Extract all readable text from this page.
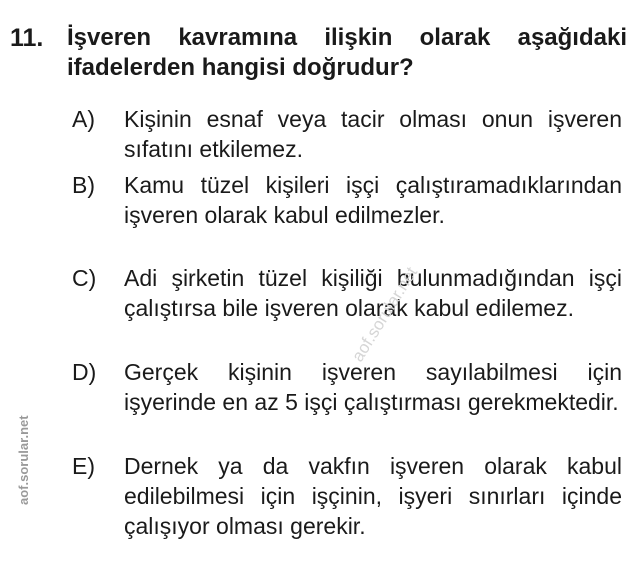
11. İşveren kavramına ilişkin olarak aşağıdaki ifadelerden hangisi doğrudur?
A) Kişinin esnaf veya tacir olması onun işveren sıfatını etkilemez.
B) Kamu tüzel kişileri işçi çalıştıramadıklarından işveren olarak kabul edilmezler.
C) Adi şirketin tüzel kişiliği bulunmadığından işçi çalıştırsa bile işveren olarak kabul edilemez.
D) Gerçek kişinin işveren sayılabilmesi için işyerinde en az 5 işçi çalıştırması gerekmektedir.
E) Dernek ya da vakfın işveren olarak kabul edilebilmesi için işçinin, işyeri sınırları içinde çalışıyor olması gerekir.
aof.sorular.net
aof.sorular.net
